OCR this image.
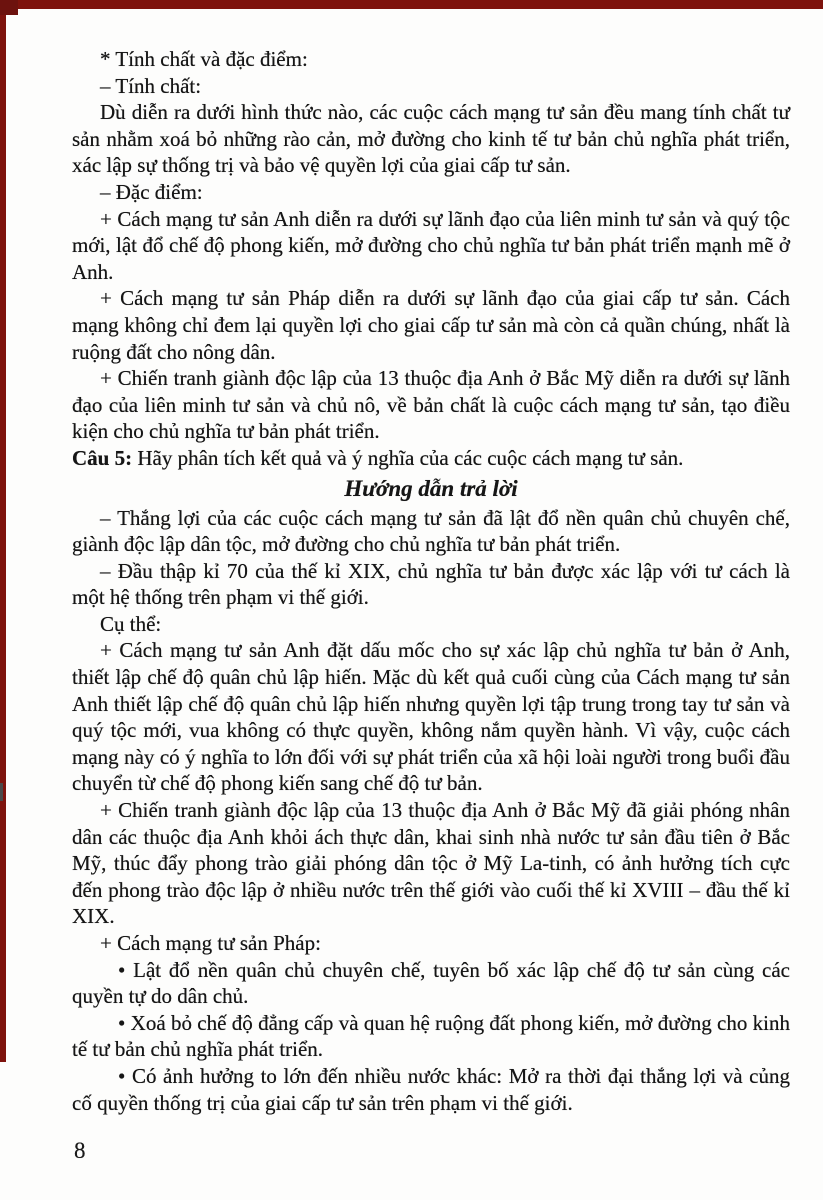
* Tính chất và đặc điểm:

– Tính chất:

Dù diễn ra dưới hình thức nào, các cuộc cách mạng tư sản đều mang tính chất tư sản nhằm xoá bỏ những rào cản, mở đường cho kinh tế tư bản chủ nghĩa phát triển, xác lập sự thống trị và bảo vệ quyền lợi của giai cấp tư sản.

– Đặc điểm:

+ Cách mạng tư sản Anh diễn ra dưới sự lãnh đạo của liên minh tư sản và quý tộc mới, lật đổ chế độ phong kiến, mở đường cho chủ nghĩa tư bản phát triển mạnh mẽ ở Anh.

+ Cách mạng tư sản Pháp diễn ra dưới sự lãnh đạo của giai cấp tư sản. Cách mạng không chỉ đem lại quyền lợi cho giai cấp tư sản mà còn cả quần chúng, nhất là ruộng đất cho nông dân.

+ Chiến tranh giành độc lập của 13 thuộc địa Anh ở Bắc Mỹ diễn ra dưới sự lãnh đạo của liên minh tư sản và chủ nô, về bản chất là cuộc cách mạng tư sản, tạo điều kiện cho chủ nghĩa tư bản phát triển.

Câu 5: Hãy phân tích kết quả và ý nghĩa của các cuộc cách mạng tư sản.

Hướng dẫn trả lời

– Thắng lợi của các cuộc cách mạng tư sản đã lật đổ nền quân chủ chuyên chế, giành độc lập dân tộc, mở đường cho chủ nghĩa tư bản phát triển.

– Đầu thập kỉ 70 của thế kỉ XIX, chủ nghĩa tư bản được xác lập với tư cách là một hệ thống trên phạm vi thế giới.

Cụ thể:

+ Cách mạng tư sản Anh đặt dấu mốc cho sự xác lập chủ nghĩa tư bản ở Anh, thiết lập chế độ quân chủ lập hiến. Mặc dù kết quả cuối cùng của Cách mạng tư sản Anh thiết lập chế độ quân chủ lập hiến nhưng quyền lợi tập trung trong tay tư sản và quý tộc mới, vua không có thực quyền, không nắm quyền hành. Vì vậy, cuộc cách mạng này có ý nghĩa to lớn đối với sự phát triển của xã hội loài người trong buổi đầu chuyển từ chế độ phong kiến sang chế độ tư bản.

+ Chiến tranh giành độc lập của 13 thuộc địa Anh ở Bắc Mỹ đã giải phóng nhân dân các thuộc địa Anh khỏi ách thực dân, khai sinh nhà nước tư sản đầu tiên ở Bắc Mỹ, thúc đẩy phong trào giải phóng dân tộc ở Mỹ La-tinh, có ảnh hưởng tích cực đến phong trào độc lập ở nhiều nước trên thế giới vào cuối thế kỉ XVIII – đầu thế kỉ XIX.

+ Cách mạng tư sản Pháp:

• Lật đổ nền quân chủ chuyên chế, tuyên bố xác lập chế độ tư sản cùng các quyền tự do dân chủ.

• Xoá bỏ chế độ đẳng cấp và quan hệ ruộng đất phong kiến, mở đường cho kinh tế tư bản chủ nghĩa phát triển.

• Có ảnh hưởng to lớn đến nhiều nước khác: Mở ra thời đại thắng lợi và củng cố quyền thống trị của giai cấp tư sản trên phạm vi thế giới.

8
